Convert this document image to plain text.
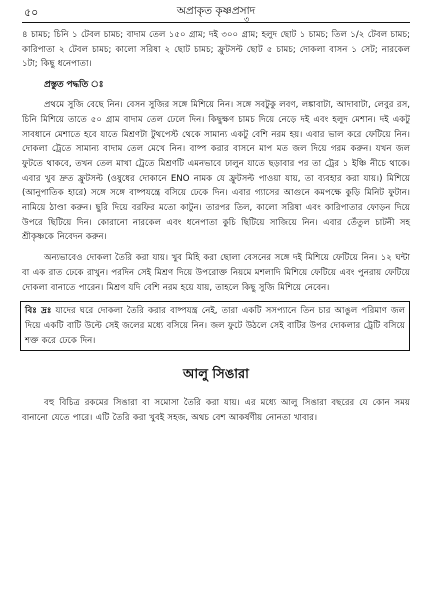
৫০	অপ্রাকৃত কৃষ্ণপ্রসাদ
৩

৪ চামচ; চিনি ১ টেবল চামচ; বাদাম তেল ১৫০ গ্রাম; দই ৩০০ গ্রাম; হলুদ ছোট ১ চামচ; তিল ১/২ টেবল চামচ; কারিপাতা ২ টেবল চামচ; কালো সরিষা ২ ছোট চামচ; ফ্রুটসল্ট ছোট ৫ চামচ; দোকলা বাসন ১ সেট; নারকেল ১টা; কিছু ধনেপাতা।

প্রস্তুত পদ্ধতি ঃ

প্রথমে সুজি বেছে নিন। বেসন সুজির সঙ্গে মিশিয়ে নিন। সঙ্গে সবটুকু লবণ, লঙ্কাবাটা, আদাবাটা, লেবুর রস, চিনি মিশিয়ে তাতে ৫০ গ্রাম বাদাম তেল ঢেলে দিন। কিছুক্ষণ চামচ দিয়ে নেড়ে দই এবং হলুদ মেশান। দই একটু সাবধানে মেশাতে হবে যাতে মিশ্রণটা টুথপেস্ট থেকে সামান্য একটু বেশি নরম হয়। এবার ভাল করে ফেটিয়ে নিন। দোকলা ট্রেতে সামান্য বাদাম তেল মেখে নিন। বাষ্প করার বাসনে মাপ মত জল দিয়ে গরম করুন। যখন জল ফুটতে থাকবে, তখন তেল মাখা ট্রেতে মিশ্রণটি এমনভাবে ঢালুন যাতে ছড়াবার পর তা ট্রের ১ ইঞ্চি নীচে থাকে। এবার খুব দ্রুত ফ্রুটসল্ট (ওষুধের দোকানে ENO নামক যে ফ্রুটসল্ট পাওয়া যায়, তা ব্যবহার করা যায়।) মিশিয়ে (আনুপাতিক হারে) সঙ্গে সঙ্গে বাষ্পযন্ত্রে বসিয়ে ঢেকে দিন। এবার গ্যাসের আগুনে কমপক্ষে কুড়ি মিনিট ফুটান। নামিয়ে ঠাণ্ডা করুন। ছুরি দিয়ে বরফির মতো কাটুন। তারপর তিল, কালো সরিষা এবং কারিপাতার ফোড়ন দিয়ে উপরে ছিটিয়ে দিন। কোরানো নারকেল এবং ধনেপাতা কুচি ছিটিয়ে সাজিয়ে নিন। এবার তেঁতুল চাটনী সহ শ্রীকৃষ্ণকে নিবেদন করুন।

অন্যভাবেও দোকলা তৈরি করা যায়। খুব মিহি করা ছোলা বেসনের সঙ্গে দই মিশিয়ে ফেটিয়ে নিন। ১২ ঘন্টা বা এক রাত ঢেকে রাখুন। পরদিন সেই মিশ্রণ দিয়ে উপরোক্ত নিয়মে মশলাদি মিশিয়ে ফেটিয়ে এবং পুনরায় ফেটিয়ে দোকলা বানাতে পারেন। মিশ্রণ যদি বেশি নরম হয়ে যায়, তাহলে কিছু সুজি মিশিয়ে নেবেন।

বিঃ দ্রঃ যাদের ঘরে দোকলা তৈরি করার বাষ্পযন্ত্র নেই, তারা একটি সসপ্যানে তিন চার আঙুল পরিমাণ জল দিয়ে একটি বাটি উল্টে সেই জলের মধ্যে বসিয়ে নিন। জল ফুটে উঠলে সেই বাটির উপর দোকলার ট্রেটি বসিয়ে শক্ত করে ঢেকে দিন।
আলু সিঙারা

বহু বিচিত্র রকমের সিঙারা বা সমোসা তৈরি করা যায়। এর মধ্যে আলু সিঙারা বছরের যে কোন সময় বানানো যেতে পারে। এটি তৈরি করা খুবই সহজ, অথচ বেশ আকর্ষণীয় নোনতা খাবার।
